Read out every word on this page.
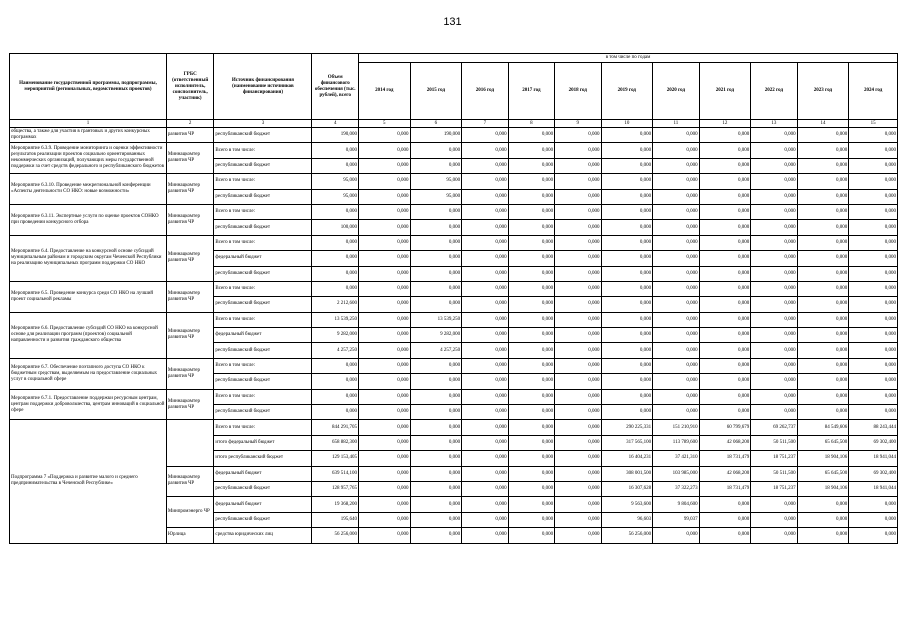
131
Наименование государственной программы, подпрограммы, мероприятий (региональных, ведомственных проектов)	ГРБС (ответственный исполнитель, соисполнитель, участник)	Источник финансирования (наименование источников финансирования)	Объем финансового обеспечения (тыс. рублей), всего	в том числе по годам										
				2014 год	2015 год	2016 год	2017 год	2018 год	2019 год	2020 год	2021 год	2022 год	2023 год	2024 год
1	2	3	4	5	6	7	8	9	10	11	12	13	14	15
общества, а также для участия в грантовых и других конкурсных программах	развития ЧР	республиканский бюджет	190,000	0,000	190,000	0,000	0,000	0,000	0,000	0,000	0,000	0,000	0,000	0,000
Мероприятие 6.3.9. Проведение мониторинга и оценки эффективности результатов реализации проектов социально ориентированных некоммерческих организаций, получающих меры государственной поддержки за счет средств федерального и республиканского бюджетов	Миннацкомтер развития ЧР	Всего в том числе:	0,000	0,000	0,000	0,000	0,000	0,000	0,000	0,000	0,000	0,000	0,000	0,000
		республиканский бюджет	0,000	0,000	0,000	0,000	0,000	0,000	0,000	0,000	0,000	0,000	0,000	0,000
Мероприятие 6.3.10. Проведение межрегиональной конференции «Аспекты деятельности СО НКО: новые возможности»	Миннацкомтер развития ЧР	Всего в том числе:	95,000	0,000	95,000	0,000	0,000	0,000	0,000	0,000	0,000	0,000	0,000	0,000
		республиканский бюджет	95,000	0,000	95,000	0,000	0,000	0,000	0,000	0,000	0,000	0,000	0,000	0,000
Мероприятие 6.3.11. Экспертные услуги по оценке проектов СОНКО при проведении конкурсного отбора	Миннацкомтер развития ЧР	Всего в том числе:	0,000	0,000	0,000	0,000	0,000	0,000	0,000	0,000	0,000	0,000	0,000	0,000
		республиканский бюджет	100,000	0,000	0,000	0,000	0,000	0,000	0,000	0,000	0,000	0,000	0,000	0,000
Мероприятие 6.4. Предоставление на конкурсной основе субсидий муниципальным районам и городским округам Чеченской Республики на реализацию муниципальных программ поддержки СО НКО	Миннацкомтер развития ЧР	Всего в том числе:	0,000	0,000	0,000	0,000	0,000	0,000	0,000	0,000	0,000	0,000	0,000	0,000
		федеральный бюджет	0,000	0,000	0,000	0,000	0,000	0,000	0,000	0,000	0,000	0,000	0,000	0,000
		республиканский бюджет	0,000	0,000	0,000	0,000	0,000	0,000	0,000	0,000	0,000	0,000	0,000	0,000
Мероприятие 6.5. Проведение конкурса среди СО НКО на лучший проект социальной рекламы	Миннацкомтер развития ЧР	Всего в том числе:	0,000	0,000	0,000	0,000	0,000	0,000	0,000	0,000	0,000	0,000	0,000	0,000
		республиканский бюджет	2 212,600	0,000	0,000	0,000	0,000	0,000	0,000	0,000	0,000	0,000	0,000	0,000
Мероприятие 6.6. Предоставление субсидий СО НКО на конкурсной основе для реализации программ (проектов) социальной направленности и развития гражданского общества	Миннацкомтер развития ЧР	Всего в том числе:	13 539,250	0,000	13 539,250	0,000	0,000	0,000	0,000	0,000	0,000	0,000	0,000	0,000
		федеральный бюджет	9 282,000	0,000	9 282,000	0,000	0,000	0,000	0,000	0,000	0,000	0,000	0,000	0,000
		республиканский бюджет	4 257,250	0,000	4 257,250	0,000	0,000	0,000	0,000	0,000	0,000	0,000	0,000	0,000
Мероприятие 6.7. Обеспечение поэтапного доступа СО НКО к бюджетным средствам, выделяемым на предоставление социальных услуг в социальной сфере	Миннацкомтер развития ЧР	Всего в том числе:	0,000	0,000	0,000	0,000	0,000	0,000	0,000	0,000	0,000	0,000	0,000	0,000
		республиканский бюджет	0,000	0,000	0,000	0,000	0,000	0,000	0,000	0,000	0,000	0,000	0,000	0,000
Мероприятие 6.7.1. Предоставление поддержки ресурсным центрам, центрам поддержки добровольчества, центрам инноваций в социальной сфере	Миннацкомтер развития ЧР	Всего в том числе:	0,000	0,000	0,000	0,000	0,000	0,000	0,000	0,000	0,000	0,000	0,000	0,000
		республиканский бюджет	0,000	0,000	0,000	0,000	0,000	0,000	0,000	0,000	0,000	0,000	0,000	0,000
Подпрограмма 7 «Поддержка и развитие малого и среднего предпринимательства в Чеченской Республике»		Всего в том числе:	844 291,705	0,000	0,000	0,000	0,000	0,000	290 225,331	151 210,910	60 799,679	69 262,737	84 549,606	88 243,444
		итого федеральный бюджет	658 882,300	0,000	0,000	0,000	0,000	0,000	317 565,100	113 789,600	42 068,200	50 511,500	65 645,500	69 302,400
		итого республиканский бюджет	129 153,405	0,000	0,000	0,000	0,000	0,000	16 404,231	37 421,310	18 731,479	18 751,237	18 904,106	18 941,044
	Миннацкомтер развития ЧР	федеральный бюджет	639 514,100	0,000	0,000	0,000	0,000	0,000	308 001,500	103 985,000	42 068,200	50 511,500	65 645,500	69 302,400
		республиканский бюджет	128 957,765	0,000	0,000	0,000	0,000	0,000	16 307,628	37 322,273	18 731,479	18 751,237	18 904,106	18 941,044
	Минпромэнерго ЧР	федеральный бюджет	19 368,200	0,000	0,000	0,000	0,000	0,000	9 563,600	9 804,600	0,000	0,000	0,000	0,000
		республиканский бюджет	195,640	0,000	0,000	0,000	0,000	0,000	96,603	99,037	0,000	0,000	0,000	0,000
	Юрлица	средства юридических лиц	56 256,000	0,000	0,000	0,000	0,000	0,000	56 256,000	0,000	0,000	0,000	0,000	0,000
